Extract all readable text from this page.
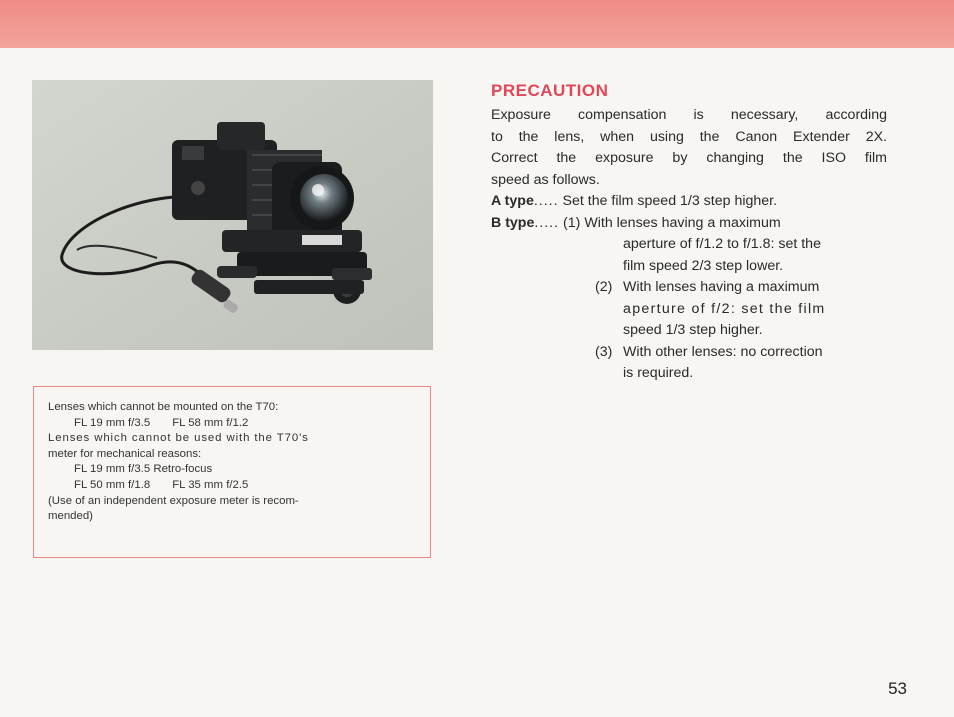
Lenses which cannot be mounted on the T70:
FL 19 mm f/3.5 FL 58 mm f/1.2
Lenses which cannot be used with the T70's
meter for mechanical reasons:
FL 19 mm f/3.5 Retro-focus
FL 50 mm f/1.8 FL 35 mm f/2.5
(Use of an independent exposure meter is recom-
mended)
PRECAUTION
Exposure compensation is necessary, according
to the lens, when using the Canon Extender 2X.
Correct the exposure by changing the ISO film
speed as follows.
A type..... Set the film speed 1/3 step higher.
B type..... (1) With lenses having a maximum
aperture of f/1.2 to f/1.8: set the
film speed 2/3 step lower.
(2) With lenses having a maximum
aperture of f/2: set the film
speed 1/3 step higher.
(3) With other lenses: no correction
is required.
53
